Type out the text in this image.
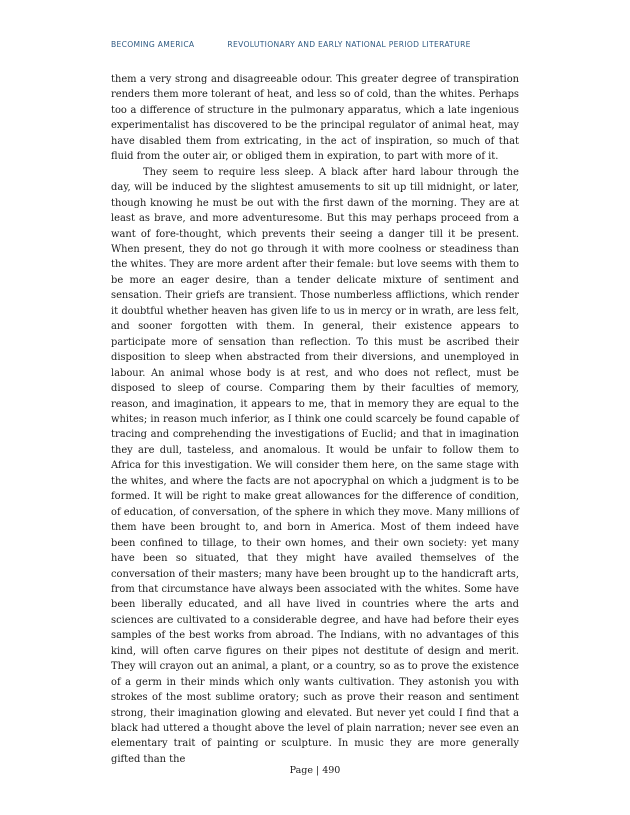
BECOMING AMERICA	REVOLUTIONARY AND EARLY NATIONAL PERIOD LITERATURE

them a very strong and disagreeable odour. This greater degree of transpiration renders them more tolerant of heat, and less so of cold, than the whites. Perhaps too a difference of structure in the pulmonary apparatus, which a late ingenious experimentalist has discovered to be the principal regulator of animal heat, may have disabled them from extricating, in the act of inspiration, so much of that fluid from the outer air, or obliged them in expiration, to part with more of it.

They seem to require less sleep. A black after hard labour through the day, will be induced by the slightest amusements to sit up till midnight, or later, though knowing he must be out with the first dawn of the morning. They are at least as brave, and more adventuresome. But this may perhaps proceed from a want of fore-thought, which prevents their seeing a danger till it be present. When present, they do not go through it with more coolness or steadiness than the whites. They are more ardent after their female: but love seems with them to be more an eager desire, than a tender delicate mixture of sentiment and sensation. Their griefs are transient. Those numberless afflictions, which render it doubtful whether heaven has given life to us in mercy or in wrath, are less felt, and sooner forgotten with them. In general, their existence appears to participate more of sensation than reflection. To this must be ascribed their disposition to sleep when abstracted from their diversions, and unemployed in labour. An animal whose body is at rest, and who does not reflect, must be disposed to sleep of course. Comparing them by their faculties of memory, reason, and imagination, it appears to me, that in memory they are equal to the whites; in reason much inferior, as I think one could scarcely be found capable of tracing and comprehending the investigations of Euclid; and that in imagination they are dull, tasteless, and anomalous. It would be unfair to follow them to Africa for this investigation. We will consider them here, on the same stage with the whites, and where the facts are not apocryphal on which a judgment is to be formed. It will be right to make great allowances for the difference of condition, of education, of conversation, of the sphere in which they move. Many millions of them have been brought to, and born in America. Most of them indeed have been confined to tillage, to their own homes, and their own society: yet many have been so situated, that they might have availed themselves of the conversation of their masters; many have been brought up to the handicraft arts, from that circumstance have always been associated with the whites. Some have been liberally educated, and all have lived in countries where the arts and sciences are cultivated to a considerable degree, and have had before their eyes samples of the best works from abroad. The Indians, with no advantages of this kind, will often carve figures on their pipes not destitute of design and merit. They will crayon out an animal, a plant, or a country, so as to prove the existence of a germ in their minds which only wants cultivation. They astonish you with strokes of the most sublime oratory; such as prove their reason and sentiment strong, their imagination glowing and elevated. But never yet could I find that a black had uttered a thought above the level of plain narration; never see even an elementary trait of painting or sculpture. In music they are more generally gifted than the

Page | 490
